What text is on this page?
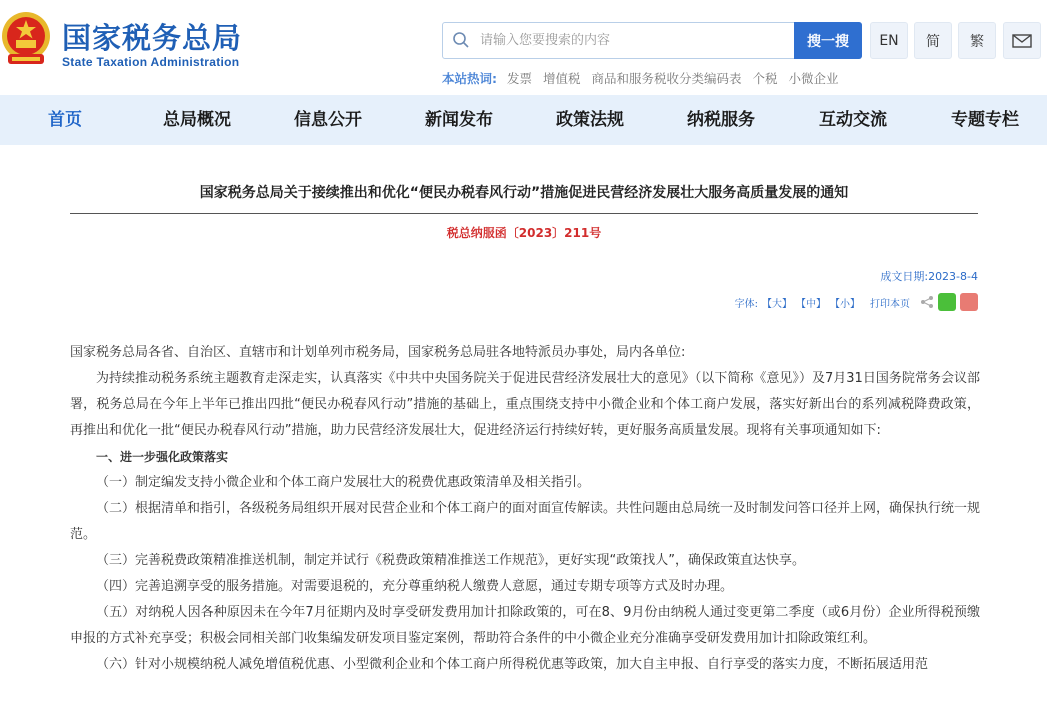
国家税务总局
State Taxation Administration
请输入您要搜索的内容
搜一搜	EN	简	繁
本站热词: 发票 增值税 商品和服务税收分类编码表 个税 小微企业
首页	总局概况	信息公开	新闻发布	政策法规	纳税服务	互动交流	专题专栏
国家税务总局关于接续推出和优化“便民办税春风行动”措施促进民营经济发展壮大服务高质量发展的通知
税总纳服函〔2023〕211号
成文日期:2023-8-4
字体: 【大】 【中】 【小】 打印本页
国家税务总局各省、自治区、直辖市和计划单列市税务局，国家税务总局驻各地特派员办事处，局内各单位:
为持续推动税务系统主题教育走深走实，认真落实《中共中央国务院关于促进民营经济发展壮大的意见》（以下简称《意见》）及7月31日国务院常务会议部署，税务总局在今年上半年已推出四批“便民办税春风行动”措施的基础上，重点围绕支持中小微企业和个体工商户发展，落实好新出台的系列减税降费政策，再推出和优化一批“便民办税春风行动”措施，助力民营经济发展壮大，促进经济运行持续好转，更好服务高质量发展。现将有关事项通知如下:
一、进一步强化政策落实
（一）制定编发支持小微企业和个体工商户发展壮大的税费优惠政策清单及相关指引。
（二）根据清单和指引，各级税务局组织开展对民营企业和个体工商户的面对面宣传解读。共性问题由总局统一及时制发问答口径并上网，确保执行统一规范。
（三）完善税费政策精准推送机制，制定并试行《税费政策精准推送工作规范》，更好实现“政策找人”，确保政策直达快享。
（四）完善追溯享受的服务措施。对需要退税的，充分尊重纳税人缴费人意愿，通过专期专项等方式及时办理。
（五）对纳税人因各种原因未在今年7月征期内及时享受研发费用加计扣除政策的，可在8、9月份由纳税人通过变更第二季度（或6月份）企业所得税预缴申报的方式补充享受；积极会同相关部门收集编发研发项目鉴定案例，帮助符合条件的中小微企业充分准确享受研发费用加计扣除政策红利。
（六）针对小规模纳税人减免增值税优惠、小型微利企业和个体工商户所得税优惠等政策，加大自主申报、自行享受的落实力度，不断拓展适用范
